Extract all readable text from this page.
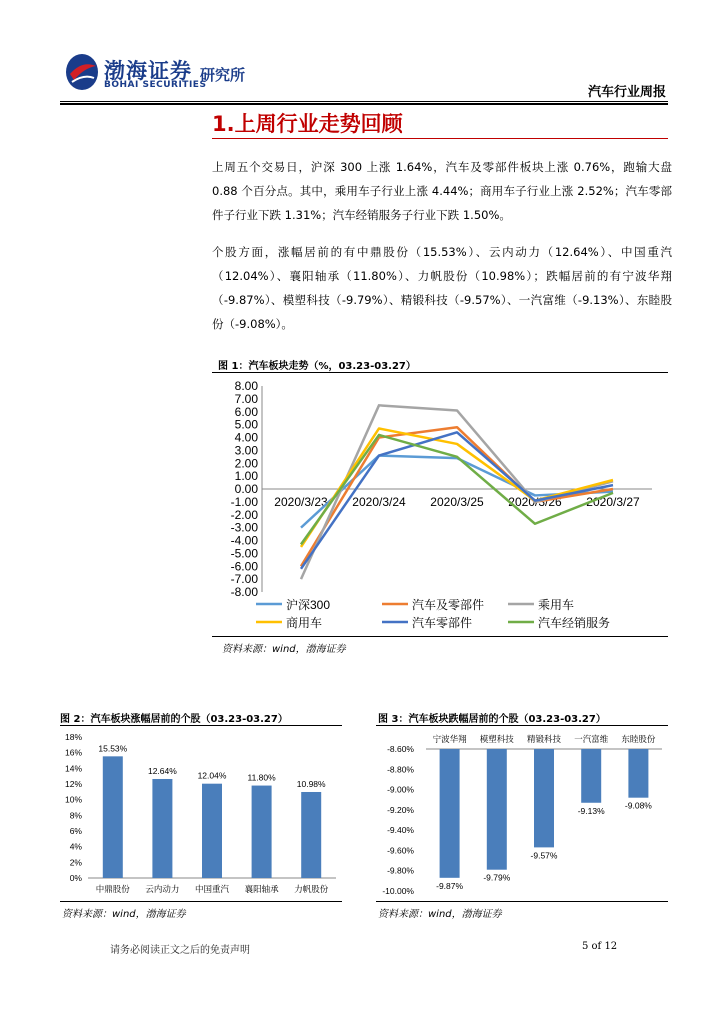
渤海证券
BOHAI SECURITIES
研究所
汽车行业周报
1.上周行业走势回顾
上周五个交易日，沪深 300 上涨 1.64%，汽车及零部件板块上涨 0.76%，跑输大盘 0.88 个百分点。其中，乘用车子行业上涨 4.44%；商用车子行业上涨 2.52%；汽车零部件子行业下跌 1.31%；汽车经销服务子行业下跌 1.50%。
个股方面，涨幅居前的有中鼎股份（15.53%）、云内动力（12.64%）、中国重汽（12.04%）、襄阳轴承（11.80%）、力帆股份（10.98%）；跌幅居前的有宁波华翔（-9.87%）、模塑科技（-9.79%）、精锻科技（-9.57%）、一汽富维（-9.13%）、东睦股份（-9.08%）。
图 1：汽车板块走势（%，03.23-03.27）
8.00
7.00
6.00
5.00
4.00
3.00
2.00
1.00
0.00
-1.00
-2.00
-3.00
-4.00
-5.00
-6.00
-7.00
-8.00
2020/3/23 2020/3/24 2020/3/25 2020/3/26 2020/3/27
沪深300	汽车及零部件	乘用车
商用车	汽车零部件	汽车经销服务
资料来源：wind，渤海证券
图 2：汽车板块涨幅居前的个股（03.23-03.27）
18%
16%
14%
12%
10%
8%
6%
4%
2%
0%
15.53%
中鼎股份
12.64%
云内动力
12.04%
中国重汽
11.80%
襄阳轴承
10.98%
力帆股份
资料来源：wind，渤海证券
图 3：汽车板块跌幅居前的个股（03.23-03.27）
-8.60%
-8.80%
-9.00%
-9.20%
-9.40%
-9.60%
-9.80%
-10.00%
-9.87%
宁波华翔
-9.79%
模塑科技
-9.57%
精锻科技
-9.13%
一汽富维
-9.08%
东睦股份
资料来源：wind，渤海证券
请务必阅读正文之后的免责声明	5 of 12
